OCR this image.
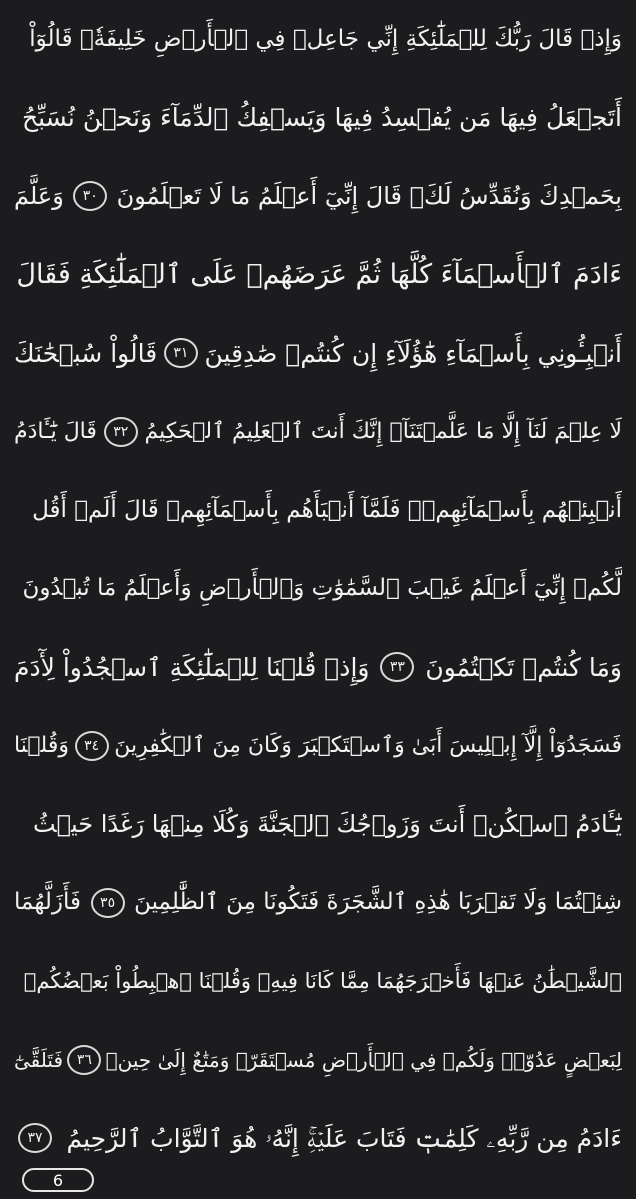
وَإِذۡ قَالَ رَبُّكَ لِلۡمَلَٰٓئِكَةِ إِنِّي جَاعِلٞ فِي ٱلۡأَرۡضِ خَلِيفَةٗۖ قَالُوٓاْ
أَتَجۡعَلُ فِيهَا مَن يُفۡسِدُ فِيهَا وَيَسۡفِكُ ٱلدِّمَآءَ وَنَحۡنُ نُسَبِّحُ
بِحَمۡدِكَ وَنُقَدِّسُ لَكَۖ قَالَ إِنِّيٓ أَعۡلَمُ مَا لَا تَعۡلَمُونَ
٣٠
وَعَلَّمَ
ءَادَمَ ٱلۡأَسۡمَآءَ كُلَّهَا ثُمَّ عَرَضَهُمۡ عَلَى ٱلۡمَلَٰٓئِكَةِ فَقَالَ
أَنۢبِـُٔونِي بِأَسۡمَآءِ هَٰٓؤُلَآءِ إِن كُنتُمۡ صَٰدِقِينَ
٣١
قَالُواْ سُبۡحَٰنَكَ
لَا عِلۡمَ لَنَآ إِلَّا مَا عَلَّمۡتَنَآۖ إِنَّكَ أَنتَ ٱلۡعَلِيمُ ٱلۡحَكِيمُ
٣٢
قَالَ يَٰٓـَٔادَمُ
أَنۢبِئۡهُم بِأَسۡمَآئِهِمۡۖ فَلَمَّآ أَنۢبَأَهُم بِأَسۡمَآئِهِمۡ قَالَ أَلَمۡ أَقُل
لَّكُمۡ إِنِّيٓ أَعۡلَمُ غَيۡبَ ٱلسَّمَٰوَٰتِ وَٱلۡأَرۡضِ وَأَعۡلَمُ مَا تُبۡدُونَ
وَمَا كُنتُمۡ تَكۡتُمُونَ
٣٣
وَإِذۡ قُلۡنَا لِلۡمَلَٰٓئِكَةِ ٱسۡجُدُواْ لِأٓدَمَ
فَسَجَدُوٓاْ إِلَّآ إِبۡلِيسَ أَبَىٰ وَٱسۡتَكۡبَرَ وَكَانَ مِنَ ٱلۡكَٰفِرِينَ
٣٤
وَقُلۡنَا
يَٰٓـَٔادَمُ ٱسۡكُنۡ أَنتَ وَزَوۡجُكَ ٱلۡجَنَّةَ وَكُلَا مِنۡهَا رَغَدًا حَيۡثُ
شِئۡتُمَا وَلَا تَقۡرَبَا هَٰذِهِ ٱلشَّجَرَةَ فَتَكُونَا مِنَ ٱلظَّٰلِمِينَ
٣٥
فَأَزَلَّهُمَا
ٱلشَّيۡطَٰنُ عَنۡهَا فَأَخۡرَجَهُمَا مِمَّا كَانَا فِيهِۖ وَقُلۡنَا ٱهۡبِطُواْ بَعۡضُكُمۡ
لِبَعۡضٍ عَدُوّٞۖ وَلَكُمۡ فِي ٱلۡأَرۡضِ مُسۡتَقَرّٞ وَمَتَٰعٌ إِلَىٰ حِينٖ
٣٦
فَتَلَقَّىٰٓ
ءَادَمُ مِن رَّبِّهِۦ كَلِمَٰتٖ فَتَابَ عَلَيۡهِۚ إِنَّهُۥ هُوَ ٱلتَّوَّابُ ٱلرَّحِيمُ
٣٧
6
